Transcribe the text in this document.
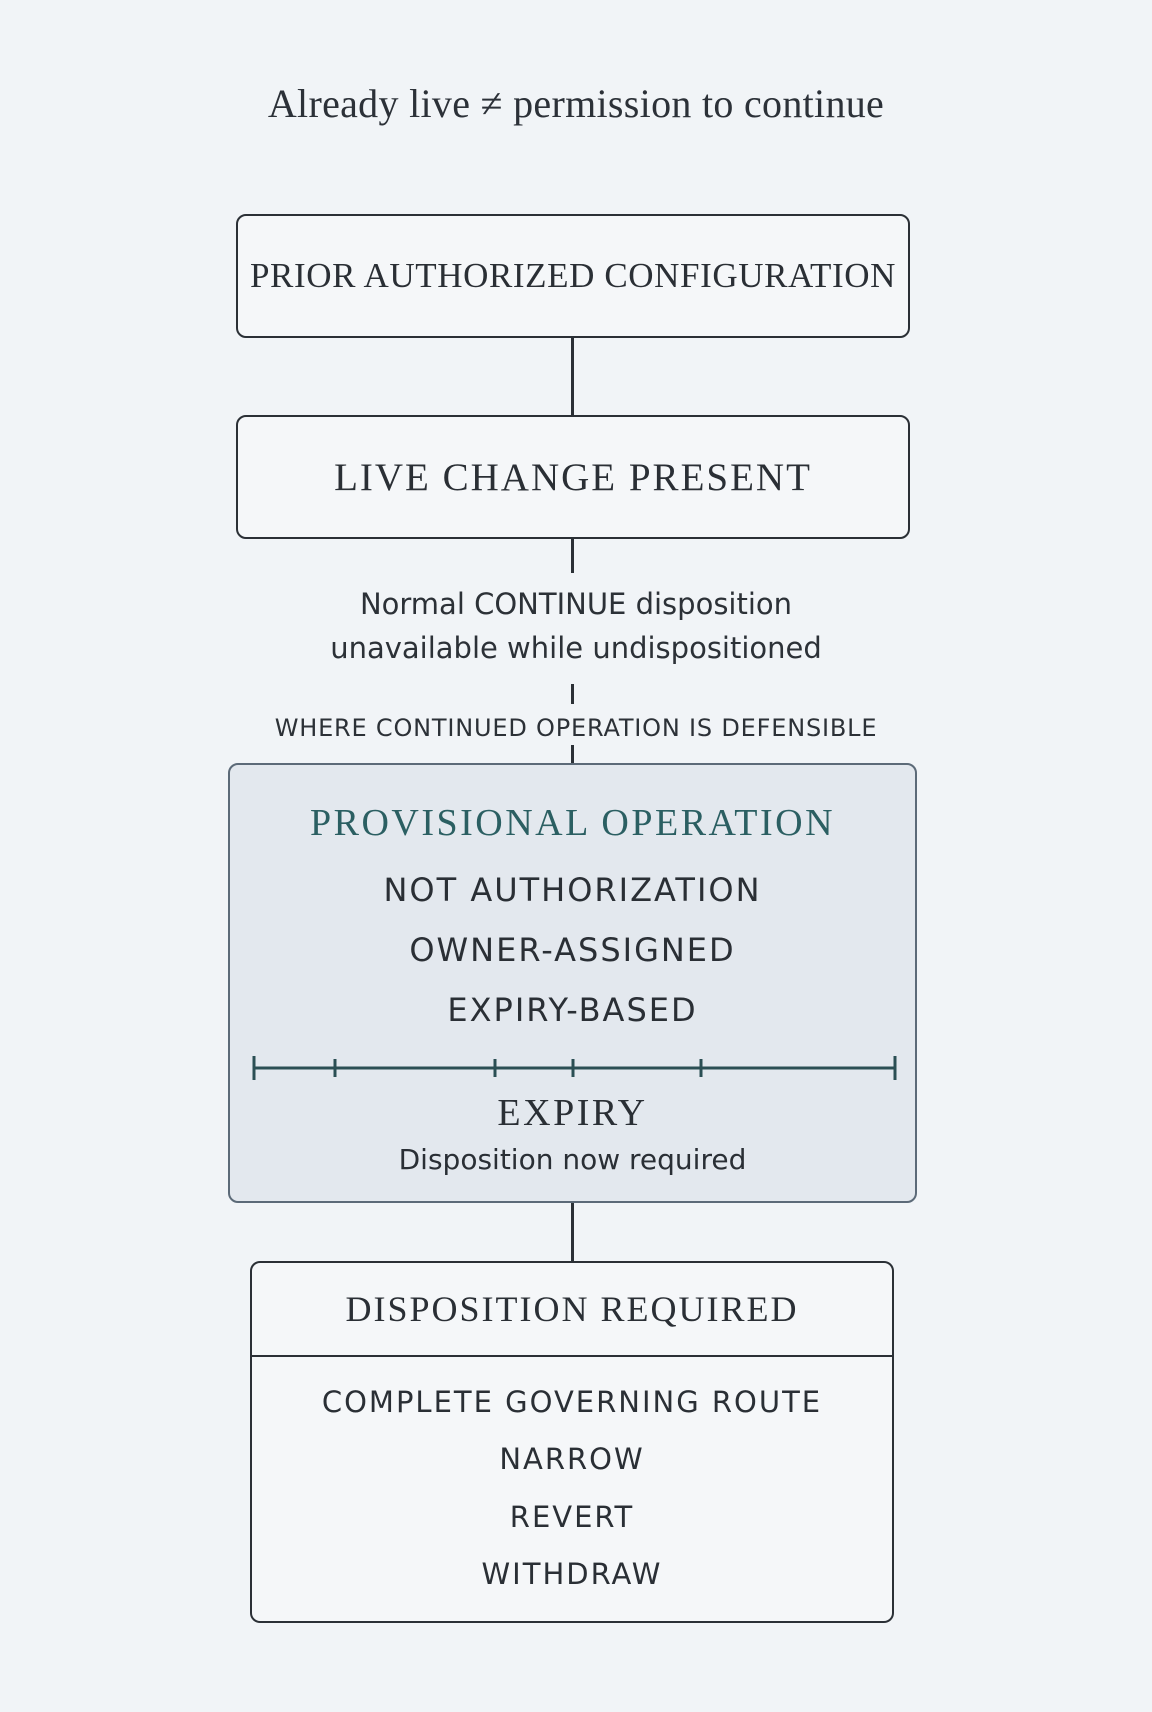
Already live ≠ permission to continue
PRIOR AUTHORIZED CONFIGURATION
LIVE CHANGE PRESENT
Normal CONTINUE disposition
unavailable while undispositioned
WHERE CONTINUED OPERATION IS DEFENSIBLE
PROVISIONAL OPERATION
NOT AUTHORIZATION
OWNER-ASSIGNED
EXPIRY-BASED
EXPIRY
Disposition now required
DISPOSITION REQUIRED
COMPLETE GOVERNING ROUTE
NARROW
REVERT
WITHDRAW
